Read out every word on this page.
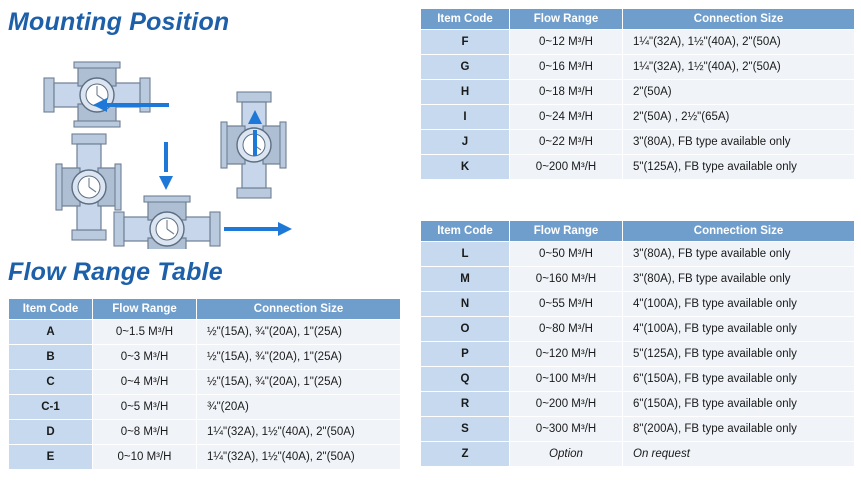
Mounting Position
Flow Range Table
Item Code	Flow Range	Connection Size
A	0~1.5 M³/H	½"(15A), ¾"(20A), 1"(25A)
B	0~3 M³/H	½"(15A), ¾"(20A), 1"(25A)
C	0~4 M³/H	½"(15A), ¾"(20A), 1"(25A)
C-1	0~5 M³/H	¾"(20A)
D	0~8 M³/H	1¼"(32A), 1½"(40A), 2"(50A)
E	0~10 M³/H	1¼"(32A), 1½"(40A), 2"(50A)
Item Code	Flow Range	Connection Size
F	0~12 M³/H	1¼"(32A), 1½"(40A), 2"(50A)
G	0~16 M³/H	1¼"(32A), 1½"(40A), 2"(50A)
H	0~18 M³/H	2"(50A)
I	0~24 M³/H	2"(50A) , 2½"(65A)
J	0~22 M³/H	3"(80A), FB type available only
K	0~200 M³/H	5"(125A), FB type available only
Item Code	Flow Range	Connection Size
L	0~50 M³/H	3"(80A), FB type available only
M	0~160 M³/H	3"(80A), FB type available only
N	0~55 M³/H	4"(100A), FB type available only
O	0~80 M³/H	4"(100A), FB type available only
P	0~120 M³/H	5"(125A), FB type available only
Q	0~100 M³/H	6"(150A), FB type available only
R	0~200 M³/H	6"(150A), FB type available only
S	0~300 M³/H	8"(200A), FB type available only
Z	Option	On request
